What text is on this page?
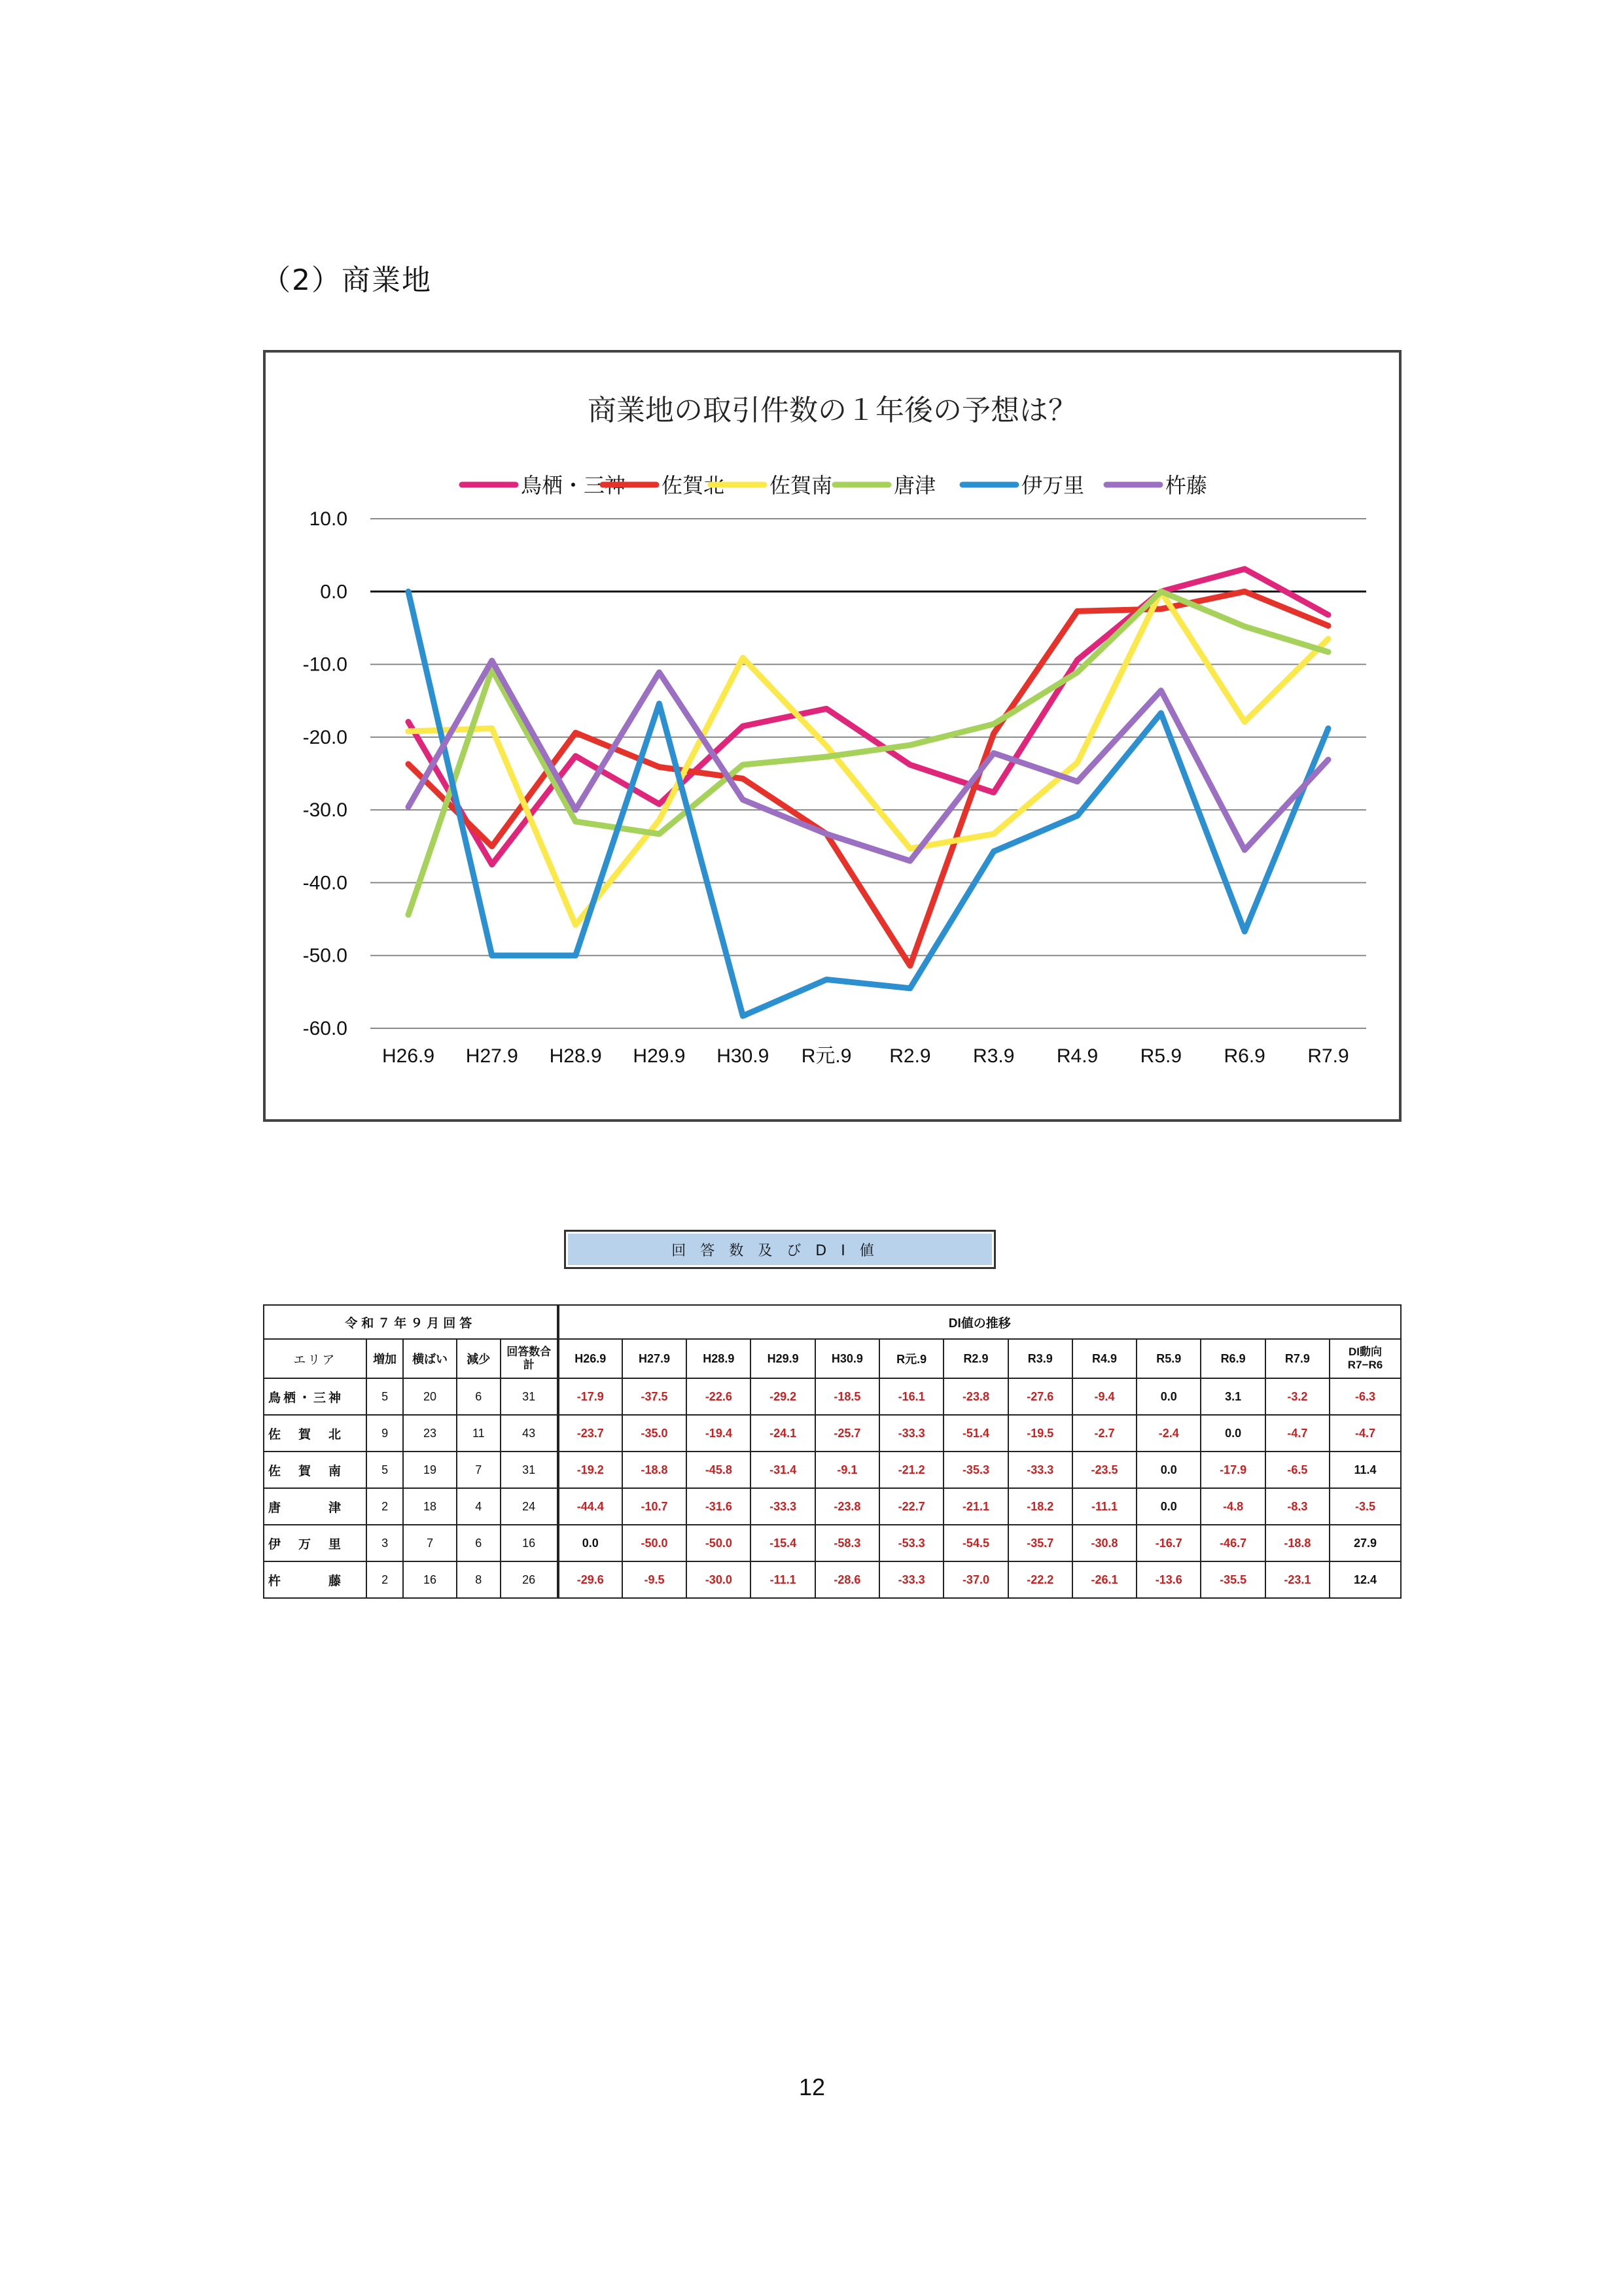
（2）商業地
商業地の取引件数の１年後の予想は？
鳥栖・三神 佐賀北 佐賀南	唐津	伊万里	杵藤
10.0
0.0
-10.0
-20.0
-30.0
-40.0
-50.0
-60.0
H26.9 H27.9 H28.9 H29.9 H30.9 R元.9 R2.9 R3.9 R4.9 R5.9 R6.9 R7.9
回答数及びDI値
令和７年９月回答					DI値の推移												
エリア	増加	横ばい	減少	回答数合計	H26.9	H27.9	H28.9	H29.9	H30.9	R元.9	R2.9	R3.9	R4.9	R5.9	R6.9	R7.9	DI動向 R7−R6
鳥栖・三神	5	20	6	31	-17.9	-37.5	-22.6	-29.2	-18.5	-16.1	-23.8	-27.6	-9.4	0.0	3.1	-3.2	-6.3
佐　賀　北	9	23	11	43	-23.7	-35.0	-19.4	-24.1	-25.7	-33.3	-51.4	-19.5	-2.7	-2.4	0.0	-4.7	-4.7
佐　賀　南	5	19	7	31	-19.2	-18.8	-45.8	-31.4	-9.1	-21.2	-35.3	-33.3	-23.5	0.0	-17.9	-6.5	11.4
唐　　　津	2	18	4	24	-44.4	-10.7	-31.6	-33.3	-23.8	-22.7	-21.1	-18.2	-11.1	0.0	-4.8	-8.3	-3.5
伊　万　里	3	7	6	16	0.0	-50.0	-50.0	-15.4	-58.3	-53.3	-54.5	-35.7	-30.8	-16.7	-46.7	-18.8	27.9
杵　　　藤	2	16	8	26	-29.6	-9.5	-30.0	-11.1	-28.6	-33.3	-37.0	-22.2	-26.1	-13.6	-35.5	-23.1	12.4
12
